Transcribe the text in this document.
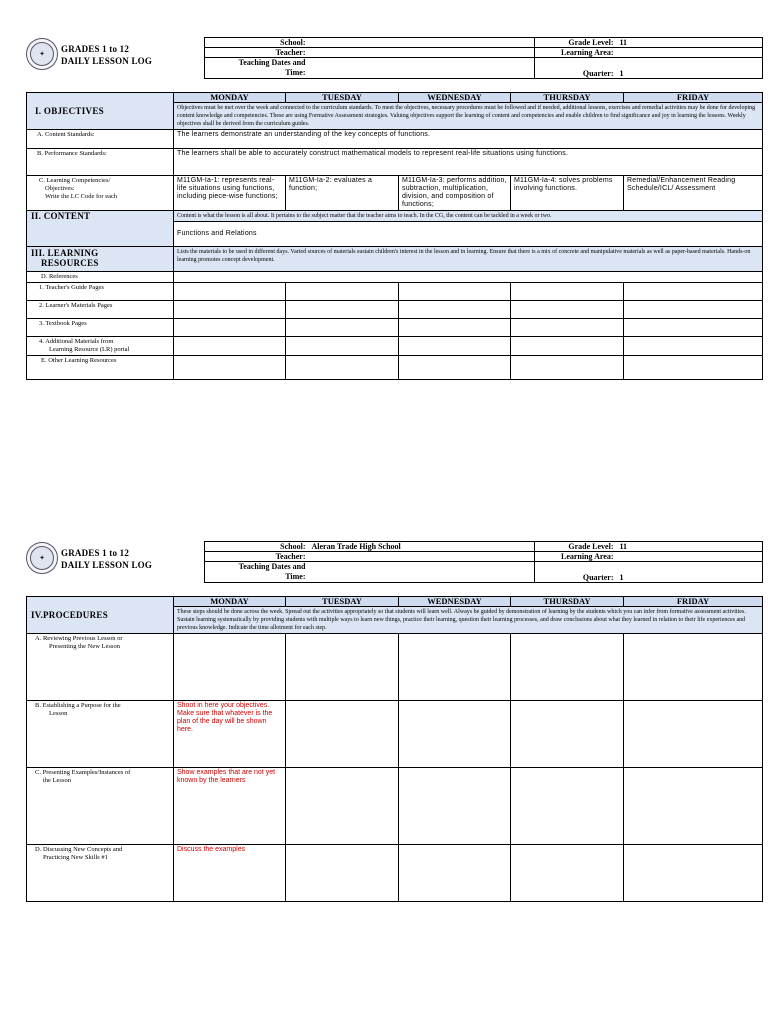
✦	GRADES 1 to 12
DAILY LESSON LOG
School:		Grade Level:	11
Teacher:		Learning Area:	
Teaching Dates and
Time:		Quarter:	1
I. OBJECTIVES	MONDAY	TUESDAY	WEDNESDAY	THURSDAY	FRIDAY
	Objectives must be met over the week and connected to the curriculum standards. To meet the objectives, necessary procedures must be followed and if needed, additional lessons, exercises and remedial activities may be done for developing content knowledge and competencies. These are using Formative Assessment strategies. Valuing objectives support the learning of content and competencies and enable children to find significance and joy in learning the lessons. Weekly objectives shall be derived from the curriculum guides.				
A. Content Standards:	The learners demonstrate an understanding of the key concepts of functions.				
B. Performance Standards:	The learners shall be able to accurately construct mathematical models to represent real-life situations using functions.				

C. Learning Competencies/
Objectives:
Write the LC Code for each	M11GM-Ia-1: represents real-life situations using functions, including piece-wise functions;	M11GM-Ia-2: evaluates a function;	M11GM-Ia-3: performs addition, subtraction, multiplication, division, and composition of functions;	M11GM-Ia-4: solves problems involving functions.	Remedial/Enhancement Reading Schedule/ICL/ Assessment
II. CONTENT	Content is what the lesson is all about. It pertains to the subject matter that the teacher aims to teach. In the CG, the content can be tackled in a week or two.				
	Functions and Relations				

III. LEARNING
RESOURCES	Lists the materials to be used in different days. Varied sources of materials sustain children's interest in the lesson and in learning. Ensure that there is a mix of concrete and manipulative materials as well as paper-based materials. Hands-on learning promotes concept development.				
D. References					
1. Teacher's Guide Pages					
2. Learner's Materials Pages					
3. Textbook Pages					

4. Additional Materials from
Learning Resource (LR) portal					

E. Other Learning Resources					
✦	GRADES 1 to 12
DAILY LESSON LOG
School:	Aleran Trade High School	Grade Level:	11
Teacher:		Learning Area:	
Teaching Dates and
Time:		Quarter:	1
IV.PROCEDURES	MONDAY	TUESDAY	WEDNESDAY	THURSDAY	FRIDAY
	These steps should be done across the week. Spread out the activities appropriately so that students will learn well. Always be guided by demonstration of learning by the students which you can infer from formative assessment activities. Sustain learning systematically by providing students with multiple ways to learn new things, practice their learning, question their learning processes, and draw conclusions about what they learned in relation to their life experiences and previous knowledge. Indicate the time allotment for each step.				

A. Reviewing Previous Lesson or
Presenting the New Lesson					

B. Establishing a Purpose for the
Lesson	Shoot in here your objectives. Make sure that whatever is the plan of the day will be shown here.				

C. Presenting Examples/Instances of
the Lesson	Show examples that are not yet known by the learners				

D. Discussing New Concepts and
Practicing New Skills #1	Discuss the examples				
